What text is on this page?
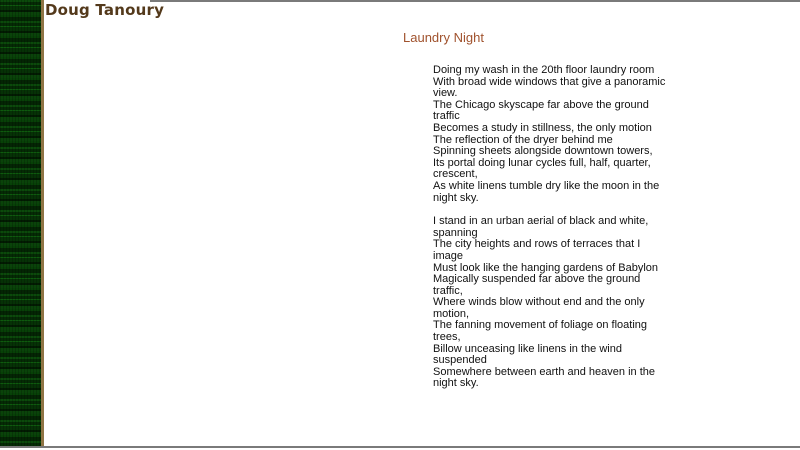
Doug Tanoury
Laundry Night
Doing my wash in the 20th floor laundry room
With broad wide windows that give a panoramic
view.
The Chicago skyscape far above the ground
traffic
Becomes a study in stillness, the only motion
The reflection of the dryer behind me
Spinning sheets alongside downtown towers,
Its portal doing lunar cycles full, half, quarter,
crescent,
As white linens tumble dry like the moon in the
night sky.
I stand in an urban aerial of black and white,
spanning
The city heights and rows of terraces that I
image
Must look like the hanging gardens of Babylon
Magically suspended far above the ground
traffic,
Where winds blow without end and the only
motion,
The fanning movement of foliage on floating
trees,
Billow unceasing like linens in the wind
suspended
Somewhere between earth and heaven in the
night sky.
